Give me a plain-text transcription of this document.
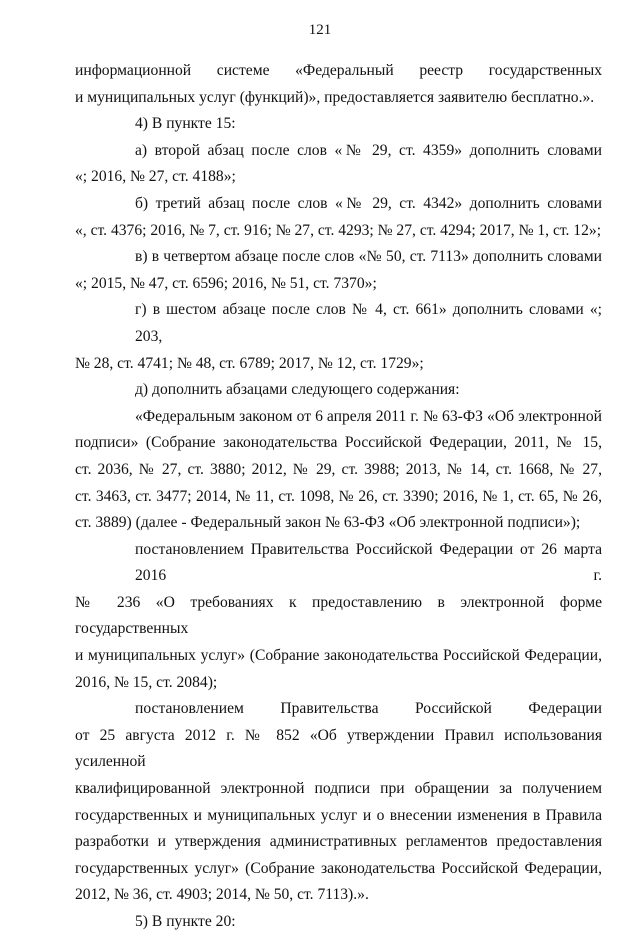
121
информационной системе «Федеральный реестр государственных
и муниципальных услуг (функций)», предоставляется заявителю бесплатно.».
4) В пункте 15:
а) второй абзац после слов «№ 29, ст. 4359» дополнить словами
«; 2016, № 27, ст. 4188»;
б) третий абзац после слов «№ 29, ст. 4342» дополнить словами
«, ст. 4376; 2016, № 7, ст. 916; № 27, ст. 4293; № 27, ст. 4294; 2017, № 1, ст. 12»;
в) в четвертом абзаце после слов «№ 50, ст. 7113» дополнить словами
«; 2015, № 47, ст. 6596; 2016, № 51, ст. 7370»;
г) в шестом абзаце после слов № 4, ст. 661» дополнить словами «; 203,
№ 28, ст. 4741; № 48, ст. 6789; 2017, № 12, ст. 1729»;
д) дополнить абзацами следующего содержания:
«Федеральным законом от 6 апреля 2011 г. № 63-ФЗ «Об электронной
подписи» (Собрание законодательства Российской Федерации, 2011, № 15,
ст. 2036, № 27, ст. 3880; 2012, № 29, ст. 3988; 2013, № 14, ст. 1668, № 27,
ст. 3463, ст. 3477; 2014, № 11, ст. 1098, № 26, ст. 3390; 2016, № 1, ст. 65, № 26,
ст. 3889) (далее - Федеральный закон № 63-ФЗ «Об электронной подписи»);
постановлением Правительства Российской Федерации от 26 марта 2016 г.
№ 236 «О требованиях к предоставлению в электронной форме государственных
и муниципальных услуг» (Собрание законодательства Российской Федерации,
2016, № 15, ст. 2084);
постановлением Правительства Российской Федерации
от 25 августа 2012 г. № 852 «Об утверждении Правил использования усиленной
квалифицированной электронной подписи при обращении за получением
государственных и муниципальных услуг и о внесении изменения в Правила
разработки и утверждения административных регламентов предоставления
государственных услуг» (Собрание законодательства Российской Федерации,
2012, № 36, ст. 4903; 2014, № 50, ст. 7113).».
5) В пункте 20:
